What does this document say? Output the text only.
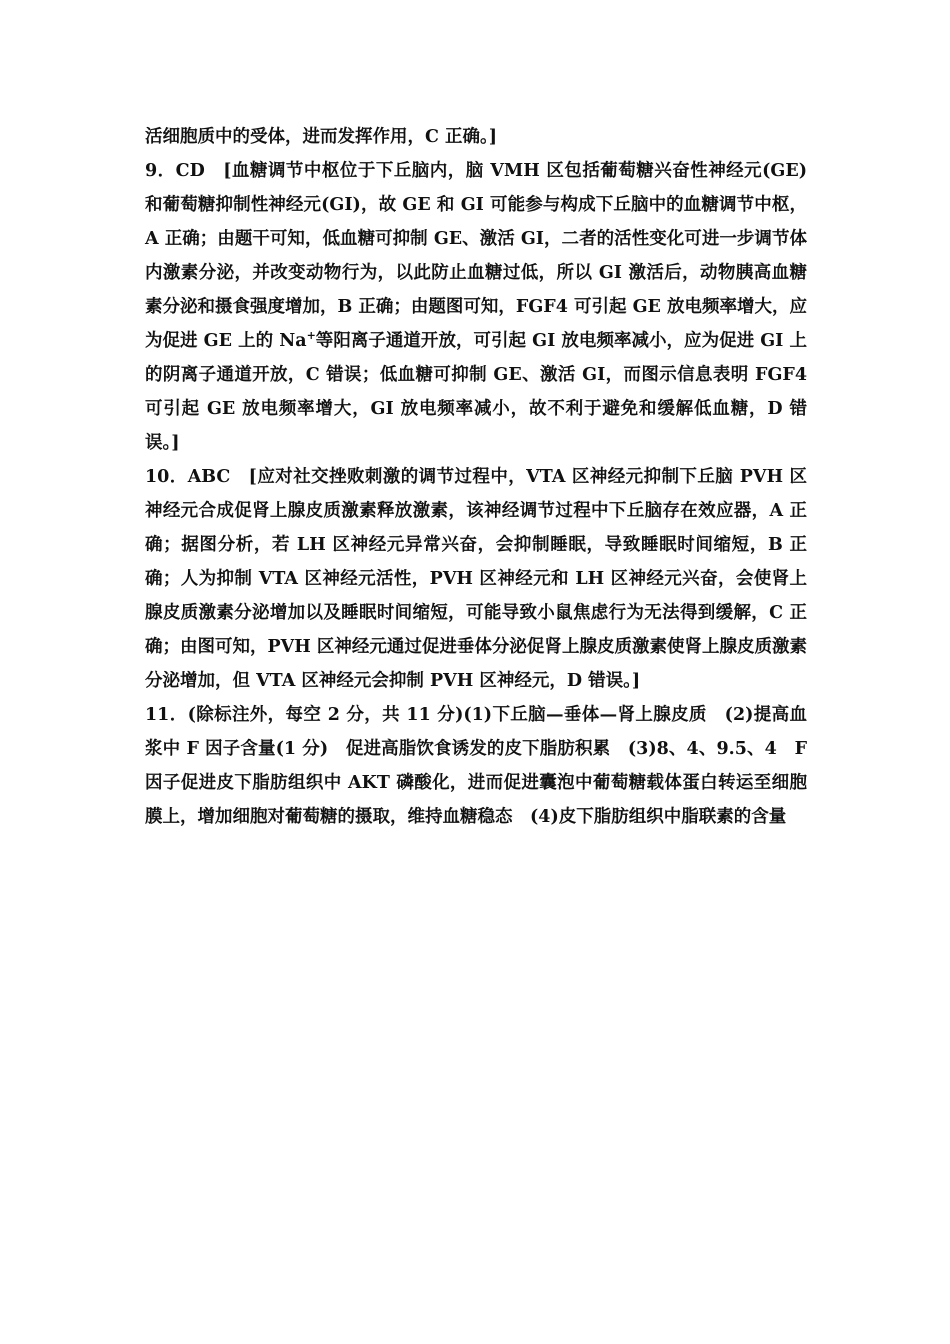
活细胞质中的受体，进而发挥作用，C 正确。]

9．CD　[血糖调节中枢位于下丘脑内，脑 VMH 区包括葡萄糖兴奋性神经元(GE)和葡萄糖抑制性神经元(GI)，故 GE 和 GI 可能参与构成下丘脑中的血糖调节中枢，A 正确；由题干可知，低血糖可抑制 GE、激活 GI，二者的活性变化可进一步调节体内激素分泌，并改变动物行为，以此防止血糖过低，所以 GI 激活后，动物胰高血糖素分泌和摄食强度增加，B 正确；由题图可知，FGF4 可引起 GE 放电频率增大，应为促进 GE 上的 Na+等阳离子通道开放，可引起 GI 放电频率减小，应为促进 GI 上的阴离子通道开放，C 错误；低血糖可抑制 GE、激活 GI，而图示信息表明 FGF4 可引起 GE 放电频率增大，GI 放电频率减小，故不利于避免和缓解低血糖，D 错误。]

10．ABC　[应对社交挫败刺激的调节过程中，VTA 区神经元抑制下丘脑 PVH 区神经元合成促肾上腺皮质激素释放激素，该神经调节过程中下丘脑存在效应器，A 正确；据图分析，若 LH 区神经元异常兴奋，会抑制睡眠，导致睡眠时间缩短，B 正确；人为抑制 VTA 区神经元活性，PVH 区神经元和 LH 区神经元兴奋，会使肾上腺皮质激素分泌增加以及睡眠时间缩短，可能导致小鼠焦虑行为无法得到缓解，C 正确；由图可知，PVH 区神经元通过促进垂体分泌促肾上腺皮质激素使肾上腺皮质激素分泌增加，但 VTA 区神经元会抑制 PVH 区神经元，D 错误。]

11．(除标注外，每空 2 分，共 11 分)(1)下丘脑—垂体—肾上腺皮质　(2)提高血浆中 F 因子含量(1 分)　促进高脂饮食诱发的皮下脂肪积累　(3)8、4、9.5、4　F 因子促进皮下脂肪组织中 AKT 磷酸化，进而促进囊泡中葡萄糖载体蛋白转运至细胞膜上，增加细胞对葡萄糖的摄取，维持血糖稳态　(4)皮下脂肪组织中脂联素的含量
